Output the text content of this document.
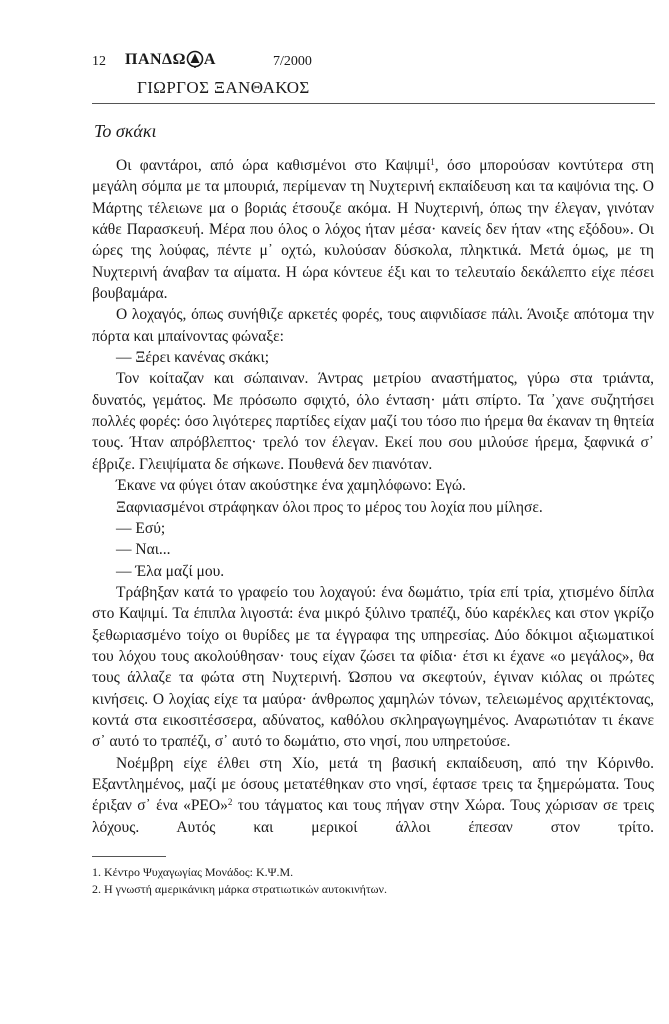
12 ΠΑΝΔΩ Α	7/2000
ΓΙΩΡΓΟΣ ΞΑΝΘΑΚΟΣ
Το σκάκι

Οι φαντάροι, από ώρα καθισμένοι στο Καψιμί$^1$, όσο μπορούσαν κοντύτερα στη μεγάλη σόμπα με τα μπουριά, περίμεναν τη Νυχτερινή εκπαίδευση και τα καψόνια της. Ο Μάρτης τέλειωνε μα ο βοριάς έτσουζε ακόμα. Η Νυχτερινή, όπως την έλεγαν, γινόταν κάθε Παρασκευή. Μέρα που όλος ο λόχος ήταν μέσα· κανείς δεν ήταν «της εξόδου». Οι ώρες της λούφας, πέντε μ᾽ οχτώ, κυλούσαν δύσκολα, πληκτικά. Μετά όμως, με τη Νυχτερινή άναβαν τα αίματα. Η ώρα κόντευε έξι και το τελευταίο δεκάλεπτο είχε πέσει βουβαμάρα.

Ο λοχαγός, όπως συνήθιζε αρκετές φορές, τους αιφνιδίασε πάλι. Άνοιξε απότομα την πόρτα και μπαίνοντας φώναξε:

— Ξέρει κανένας σκάκι;

Τον κοίταζαν και σώπαιναν. Άντρας μετρίου αναστήματος, γύρω στα τριάντα, δυνατός, γεμάτος. Με πρόσωπο σφιχτό, όλο ένταση· μάτι σπίρτο. Τα ᾽χανε συζητήσει πολλές φορές: όσο λιγότερες παρτίδες είχαν μαζί του τόσο πιο ήρεμα θα έκαναν τη θητεία τους. Ήταν απρόβλεπτος· τρελό τον έλεγαν. Εκεί που σου μιλούσε ήρεμα, ξαφνικά σ᾽ έβριζε. Γλειψίματα δε σήκωνε. Πουθενά δεν πιανόταν.

Έκανε να φύγει όταν ακούστηκε ένα χαμηλόφωνο: Εγώ.

Ξαφνιασμένοι στράφηκαν όλοι προς το μέρος του λοχία που μίλησε.

— Εσύ;

— Ναι...

— Έλα μαζί μου.

Τράβηξαν κατά το γραφείο του λοχαγού: ένα δωμάτιο, τρία επί τρία, χτισμένο δίπλα στο Καψιμί. Τα έπιπλα λιγοστά: ένα μικρό ξύλινο τραπέζι, δύο καρέκλες και στον γκρίζο ξεθωριασμένο τοίχο οι θυρίδες με τα έγγραφα της υπηρεσίας. Δύο δόκιμοι αξιωματικοί του λόχου τους ακολούθησαν· τους είχαν ζώσει τα φίδια· έτσι κι έχανε «ο μεγάλος», θα τους άλλαζε τα φώτα στη Νυχτερινή. Ώσπου να σκεφτούν, έγιναν κιόλας οι πρώτες κινήσεις. Ο λοχίας είχε τα μαύρα· άνθρωπος χαμηλών τόνων, τελειωμένος αρχιτέκτονας, κοντά στα εικοσιτέσσερα, αδύνατος, καθόλου σκληραγωγημένος. Αναρωτιόταν τι έκανε σ᾽ αυτό το τραπέζι, σ᾽ αυτό το δωμάτιο, στο νησί, που υπηρετούσε.

Νοέμβρη είχε έλθει στη Χίο, μετά τη βασική εκπαίδευση, από την Κόρινθο. Εξαντλημένος, μαζί με όσους μετατέθηκαν στο νησί, έφτασε τρεις τα ξημερώματα. Τους έριξαν σ᾽ ένα «ΡΕΟ»$^2$ του τάγματος και τους πήγαν στην Χώρα. Τους χώρισαν σε τρεις λόχους. Αυτός και μερικοί άλλοι έπεσαν στον τρίτο.

1. Κέντρο Ψυχαγωγίας Μονάδος: Κ.Ψ.Μ.
2. Η γνωστή αμερικάνικη μάρκα στρατιωτικών αυτοκινήτων.
